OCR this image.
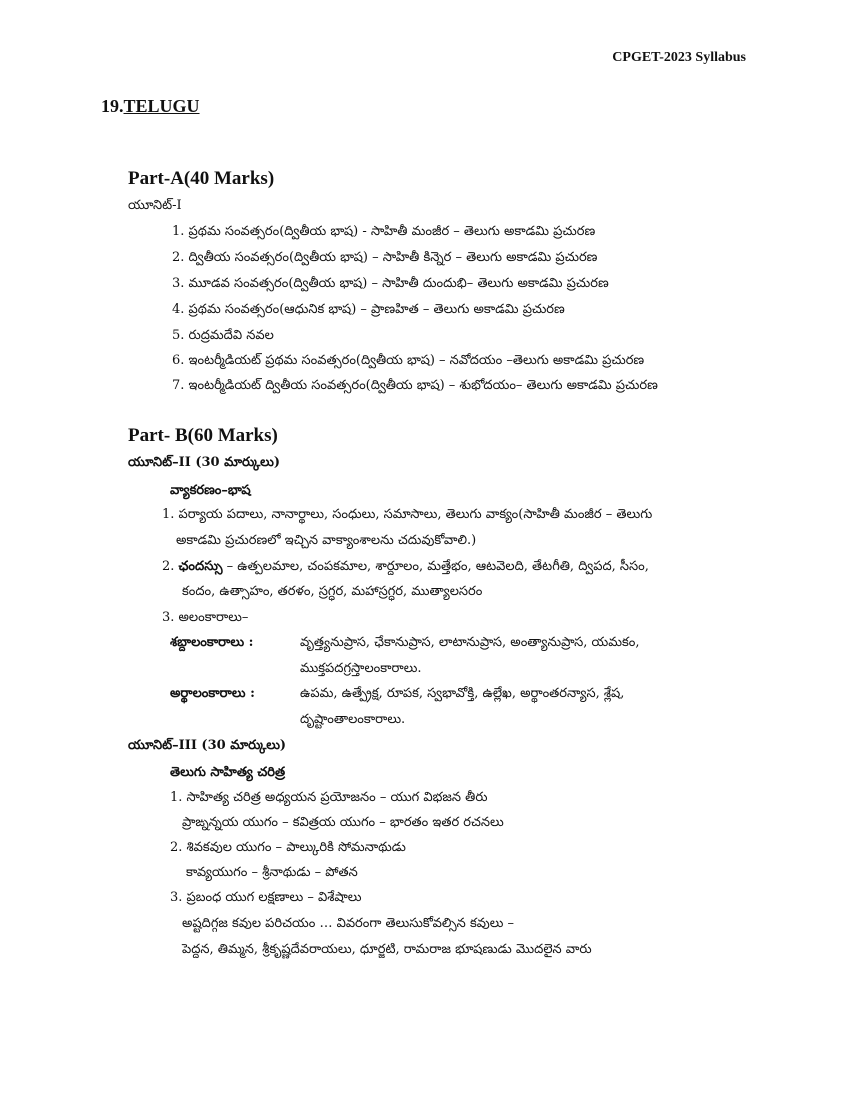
CPGET-2023 Syllabus
19.TELUGU
Part-A(40 Marks)
యూనిట్-I
1. ప్రథమ సంవత్సరం(ద్వితీయ భాష) - సాహితీ మంజీర – తెలుగు అకాడమి ప్రచురణ
2. ద్వితీయ సంవత్సరం(ద్వితీయ భాష) – సాహితీ కిన్నెర – తెలుగు అకాడమి ప్రచురణ
3. మూడవ సంవత్సరం(ద్వితీయ భాష) – సాహితీ దుందుభి– తెలుగు అకాడమి ప్రచురణ
4. ప్రథమ సంవత్సరం(ఆధునిక భాష) – ప్రాణహిత – తెలుగు అకాడమి ప్రచురణ
5. రుద్రమదేవి నవల
6. ఇంటర్మీడియట్ ప్రథమ సంవత్సరం(ద్వితీయ భాష) – నవోదయం –తెలుగు అకాడమి ప్రచురణ
7. ఇంటర్మీడియట్ ద్వితీయ సంవత్సరం(ద్వితీయ భాష) – శుభోదయం– తెలుగు అకాడమి ప్రచురణ
Part- B(60 Marks)
యూనిట్–II (30 మార్కులు)
వ్యాకరణం–భాష
1. పర్యాయ పదాలు, నానార్థాలు, సంధులు, సమాసాలు, తెలుగు వాక్యం(సాహితీ మంజీర – తెలుగు
అకాడమి ప్రచురణలో ఇచ్చిన వాక్యాంశాలను చదువుకోవాలి.)
2. ఛందస్సు – ఉత్పలమాల, చంపకమాల, శార్దూలం, మత్తేభం, ఆటవెలది, తేటగీతి, ద్విపద, సీసం,
కందం, ఉత్సాహం, తరళం, స్రగ్ధర, మహాస్రగ్ధర, ముత్యాలసరం
3. అలంకారాలు–
శబ్దాలంకారాలు :	వృత్త్యనుప్రాస, ఛేకానుప్రాస, లాటానుప్రాస, అంత్యానుప్రాస, యమకం,
ముక్తపదగ్రస్తాలంకారాలు.
అర్థాలంకారాలు :	ఉపమ, ఉత్ప్రేక్ష, రూపక, స్వభావోక్తి, ఉల్లేఖ, అర్థాంతరన్యాస, శ్లేష,
దృష్టాంతాలంకారాలు.
యూనిట్–III (30 మార్కులు)
తెలుగు సాహిత్య చరిత్ర
1. సాహిత్య చరిత్ర అధ్యయన ప్రయోజనం – యుగ విభజన తీరు
ప్రాఙ్నన్నయ యుగం – కవిత్రయ యుగం – భారతం ఇతర రచనలు
2. శివకవుల యుగం – పాల్కురికి సోమనాథుడు
కావ్యయుగం – శ్రీనాథుడు – పోతన
3. ప్రబంధ యుగ లక్షణాలు – విశేషాలు
అష్టదిగ్గజ కవుల పరిచయం … వివరంగా తెలుసుకోవల్సిన కవులు –
పెద్దన, తిమ్మన, శ్రీకృష్ణదేవరాయలు, ధూర్జటి, రామరాజ భూషణుడు మొదలైన వారు
